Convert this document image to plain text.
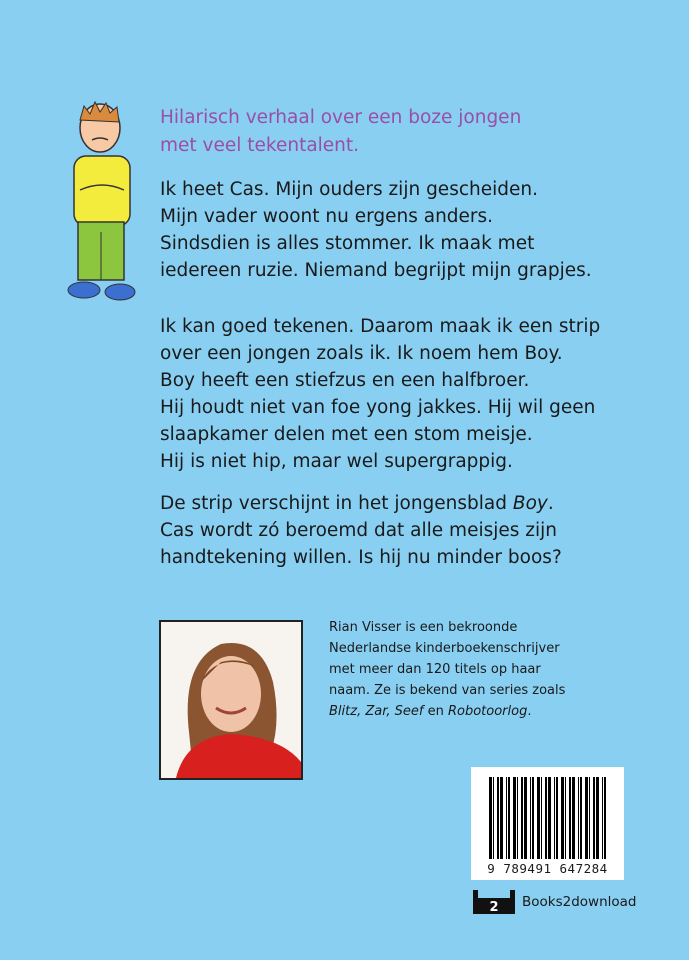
Hilarisch verhaal over een boze jongen
met veel tekentalent.
Ik heet Cas. Mijn ouders zijn gescheiden.
Mijn vader woont nu ergens anders.
Sindsdien is alles stommer. Ik maak met
iedereen ruzie. Niemand begrijpt mijn grapjes.
Ik kan goed tekenen. Daarom maak ik een strip
over een jongen zoals ik. Ik noem hem Boy.
Boy heeft een stiefzus en een halfbroer.
Hij houdt niet van foe yong jakkes. Hij wil geen
slaapkamer delen met een stom meisje.
Hij is niet hip, maar wel supergrappig.
De strip verschijnt in het jongensblad Boy.
Cas wordt zó beroemd dat alle meisjes zijn
handtekening willen. Is hij nu minder boos?
Rian Visser is een bekroonde
Nederlandse kinderboekenschrijver
met meer dan 120 titels op haar
naam. Ze is bekend van series zoals
Blitz, Zar, Seef en Robotoorlog.
9 789491 647284
2 Books2download
